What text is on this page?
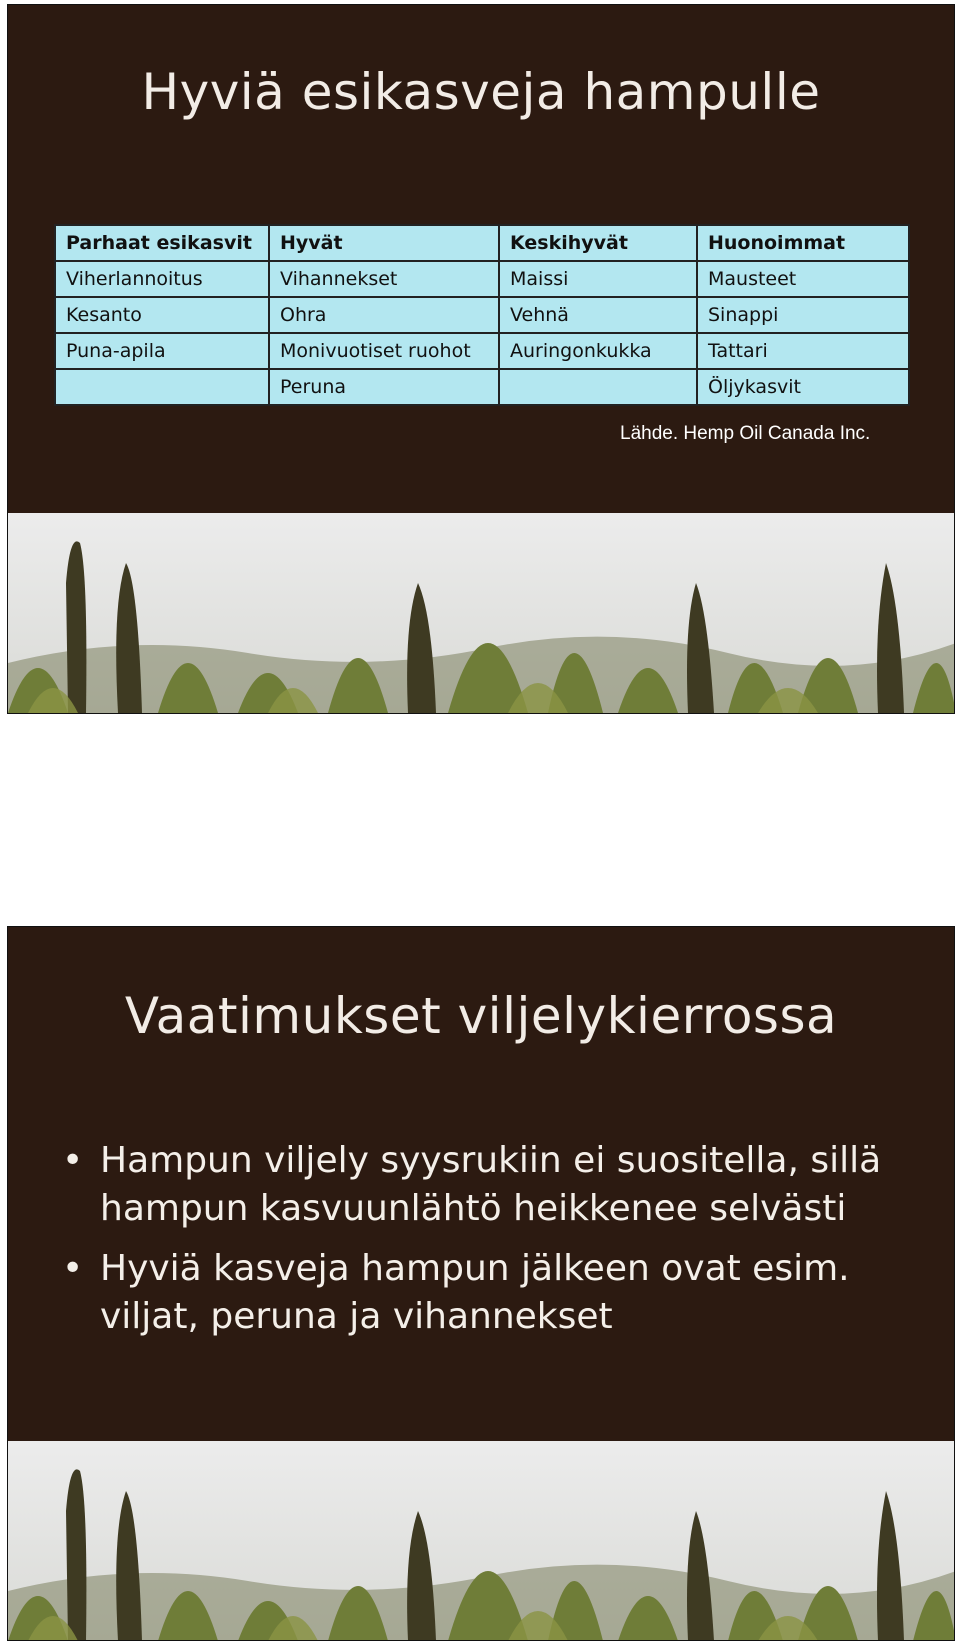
Hyviä esikasveja hampulle
Parhaat esikasvit	Hyvät	Keskihyvät	Huonoimmat
Viherlannoitus	Vihannekset	Maissi	Mausteet
Kesanto	Ohra	Vehnä	Sinappi
Puna-apila	Monivuotiset ruohot	Auringonkukka	Tattari
	Peruna		Öljykasvit
Lähde. Hemp Oil Canada Inc.
Vaatimukset viljelykierrossa
• Hampun viljely syysrukiin ei suositella, sillä hampun kasvuunlähtö heikkenee selvästi
• Hyviä kasveja hampun jälkeen ovat esim. viljat, peruna ja vihannekset
